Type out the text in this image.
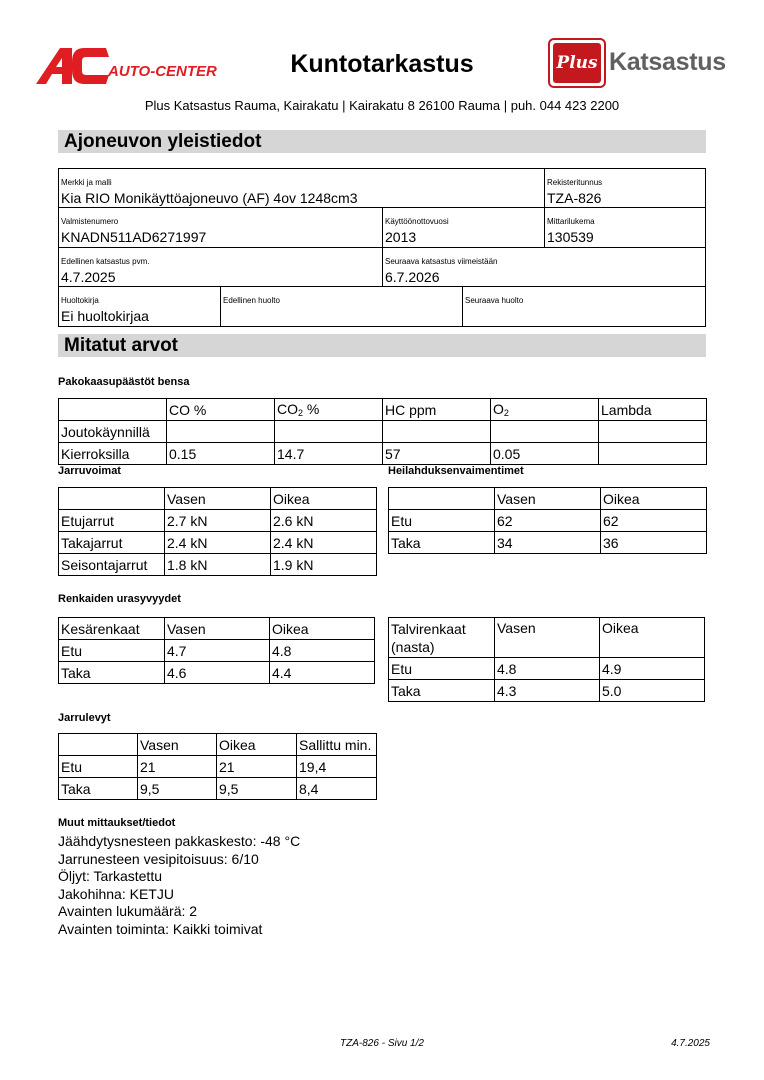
AUTO-CENTER	Kuntotarkastus	Plus Katsastus
Plus Katsastus Rauma, Kairakatu | Kairakatu 8 26100 Rauma | puh. 044 423 2200
Ajoneuvon yleistiedot
Merkki ja malli
Kia RIO Monikäyttöajoneuvo (AF) 4ov 1248cm3
Rekisteritunnus
TZA-826
Valmistenumero
KNADN511AD6271997
Käyttöönottovuosi
2013
Mittarilukema
130539
Edellinen katsastus pvm.
4.7.2025
Seuraava katsastus viimeistään
6.7.2026
Huoltokirja
Ei huoltokirjaa
Edellinen huolto	Seuraava huolto
Mitatut arvot
Pakokaasupäästöt bensa
	CO %	$CO_2$ %	HC ppm	$O_2$	Lambda
Joutokäynnillä					
Kierroksilla	0.15	14.7	57	0.05	
Jarruvoimat
	Vasen	Oikea
Etujarrut	2.7 kN	2.6 kN
Takajarrut	2.4 kN	2.4 kN
Seisontajarrut	1.8 kN	1.9 kN
Heilahduksenvaimentimet
	Vasen	Oikea
Etu	62	62
Taka	34	36
Renkaiden urasyvyydet
Kesärenkaat	Vasen	Oikea
Etu	4.7	4.8
Taka	4.6	4.4
Talvirenkaat (nasta)	Vasen	Oikea
Etu	4.8	4.9
Taka	4.3	5.0
Jarrulevyt
	Vasen	Oikea	Sallittu min.
Etu	21	21	19,4
Taka	9,5	9,5	8,4
Muut mittaukset/tiedot
Jäähdytysnesteen pakkaskesto: -48 °C
Jarrunesteen vesipitoisuus: 6/10
Öljyt: Tarkastettu
Jakohihna: KETJU
Avainten lukumäärä: 2
Avainten toiminta: Kaikki toimivat
TZA-826 - Sivu 1/2	4.7.2025
